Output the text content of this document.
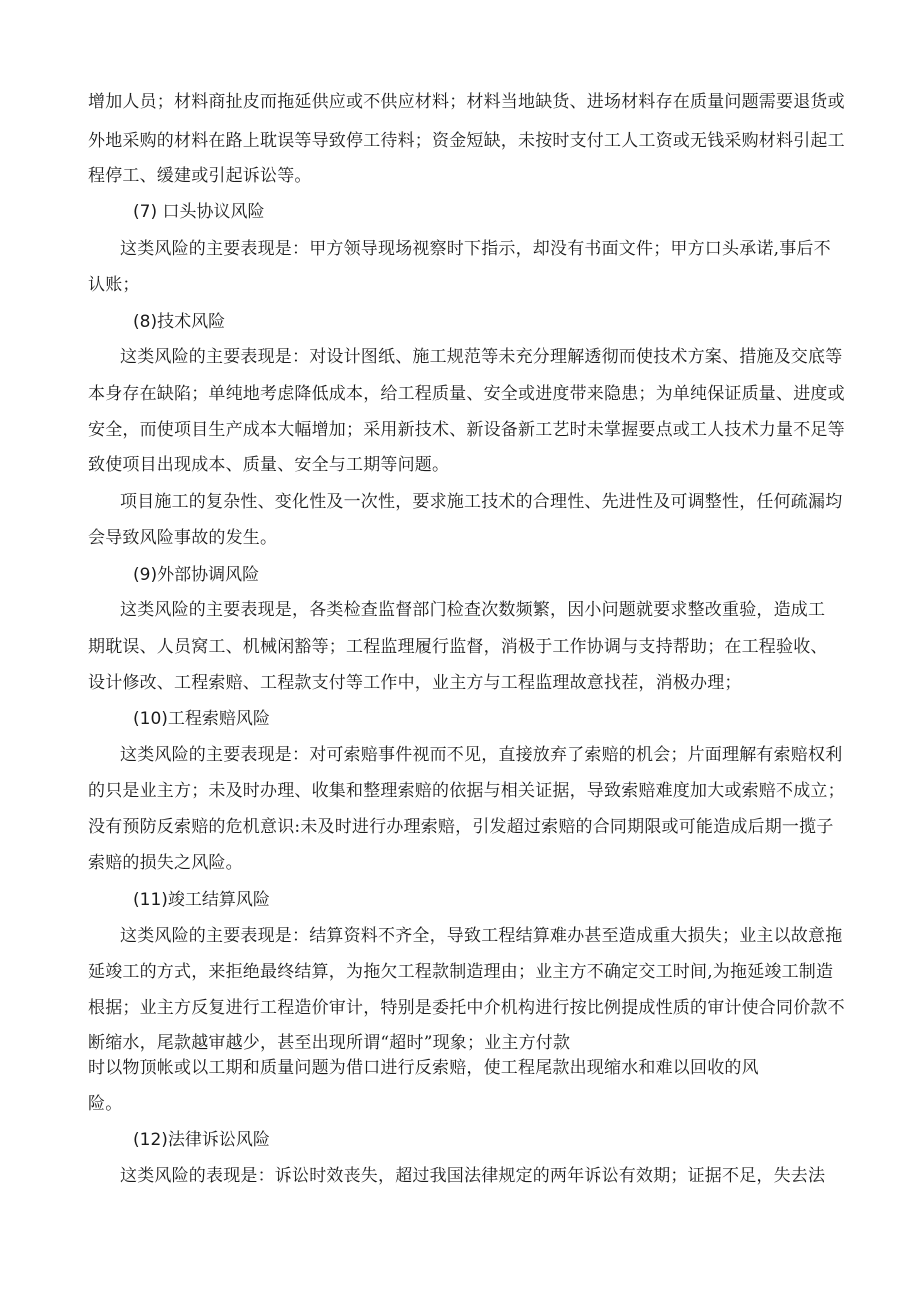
增加人员；材料商扯皮而拖延供应或不供应材料；材料当地缺货、进场材料存在质量问题需要退货或
外地采购的材料在路上耽误等导致停工待料；资金短缺，未按时支付工人工资或无钱采购材料引起工
程停工、缓建或引起诉讼等。
(7) 口头协议风险
这类风险的主要表现是：甲方领导现场视察时下指示，却没有书面文件；甲方口头承诺,事后不
认账；
(8)技术风险
这类风险的主要表现是：对设计图纸、施工规范等未充分理解透彻而使技术方案、措施及交底等
本身存在缺陷；单纯地考虑降低成本，给工程质量、安全或进度带来隐患；为单纯保证质量、进度或
安全，而使项目生产成本大幅增加；采用新技术、新设备新工艺时未掌握要点或工人技术力量不足等
致使项目出现成本、质量、安全与工期等问题。
项目施工的复杂性、变化性及一次性，要求施工技术的合理性、先进性及可调整性，任何疏漏均
会导致风险事故的发生。
(9)外部协调风险
这类风险的主要表现是，各类检查监督部门检查次数频繁，因小问题就要求整改重验，造成工
期耽误、人员窝工、机械闲豁等；工程监理履行监督，消极于工作协调与支持帮助；在工程验收、
设计修改、工程索赔、工程款支付等工作中，业主方与工程监理故意找茬，消极办理；
(10)工程索赔风险
这类风险的主要表现是：对可索赔事件视而不见，直接放弃了索赔的机会；片面理解有索赔权利
的只是业主方；未及时办理、收集和整理索赔的依据与相关证据，导致索赔难度加大或索赔不成立；
没有预防反索赔的危机意识:未及时进行办理索赔，引发超过索赔的合同期限或可能造成后期一揽子
索赔的损失之风险。
(11)竣工结算风险
这类风险的主要表现是：结算资料不齐全，导致工程结算难办甚至造成重大损失；业主以故意拖
延竣工的方式，来拒绝最终结算，为拖欠工程款制造理由；业主方不确定交工时间,为拖延竣工制造
根据；业主方反复进行工程造价审计，特别是委托中介机构进行按比例提成性质的审计使合同价款不
断缩水，尾款越审越少，甚至出现所谓“超时”现象；业主方付款
时以物顶帐或以工期和质量问题为借口进行反索赔，使工程尾款出现缩水和难以回收的风
险。
(12)法律诉讼风险
这类风险的表现是：诉讼时效丧失，超过我国法律规定的两年诉讼有效期；证据不足，失去法
